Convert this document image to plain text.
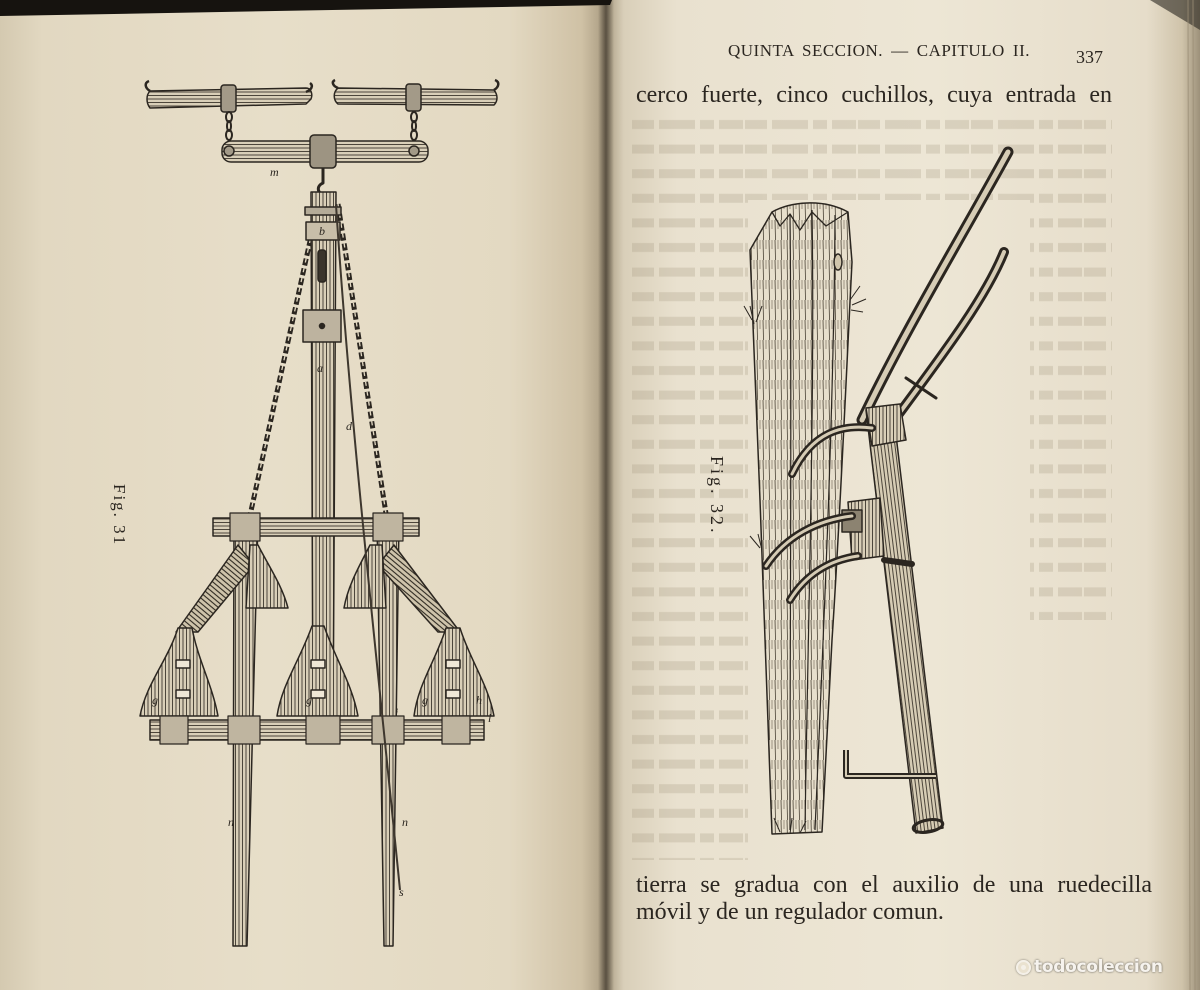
QUINTA SECCION. — CAPITULO II.	337
cerco fuerte, cinco cuchillos, cuya entrada en
Fig. 32.
tierra se gradua con el auxilio de una ruedecilla
móvil y de un regulador comun.
Fig. 31
m
b
a
d
g	g	g	h
i	l
n	n
s
todocoleccion
